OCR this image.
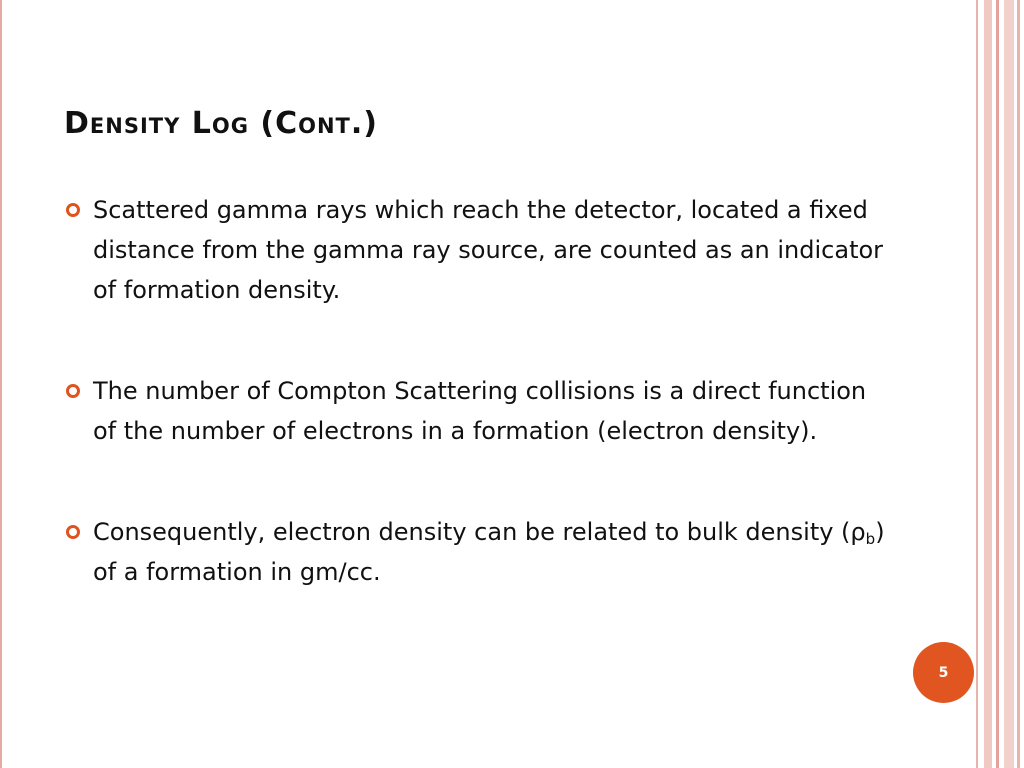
Density Log (Cont.)
Scattered gamma rays which reach the detector, located a fixed distance from the gamma ray source, are counted as an indicator of formation density.
The number of Compton Scattering collisions is a direct function of the number of electrons in a formation (electron density).
Consequently, electron density can be related to bulk density $(\rho_b)$ of a formation in gm/cc.
5
